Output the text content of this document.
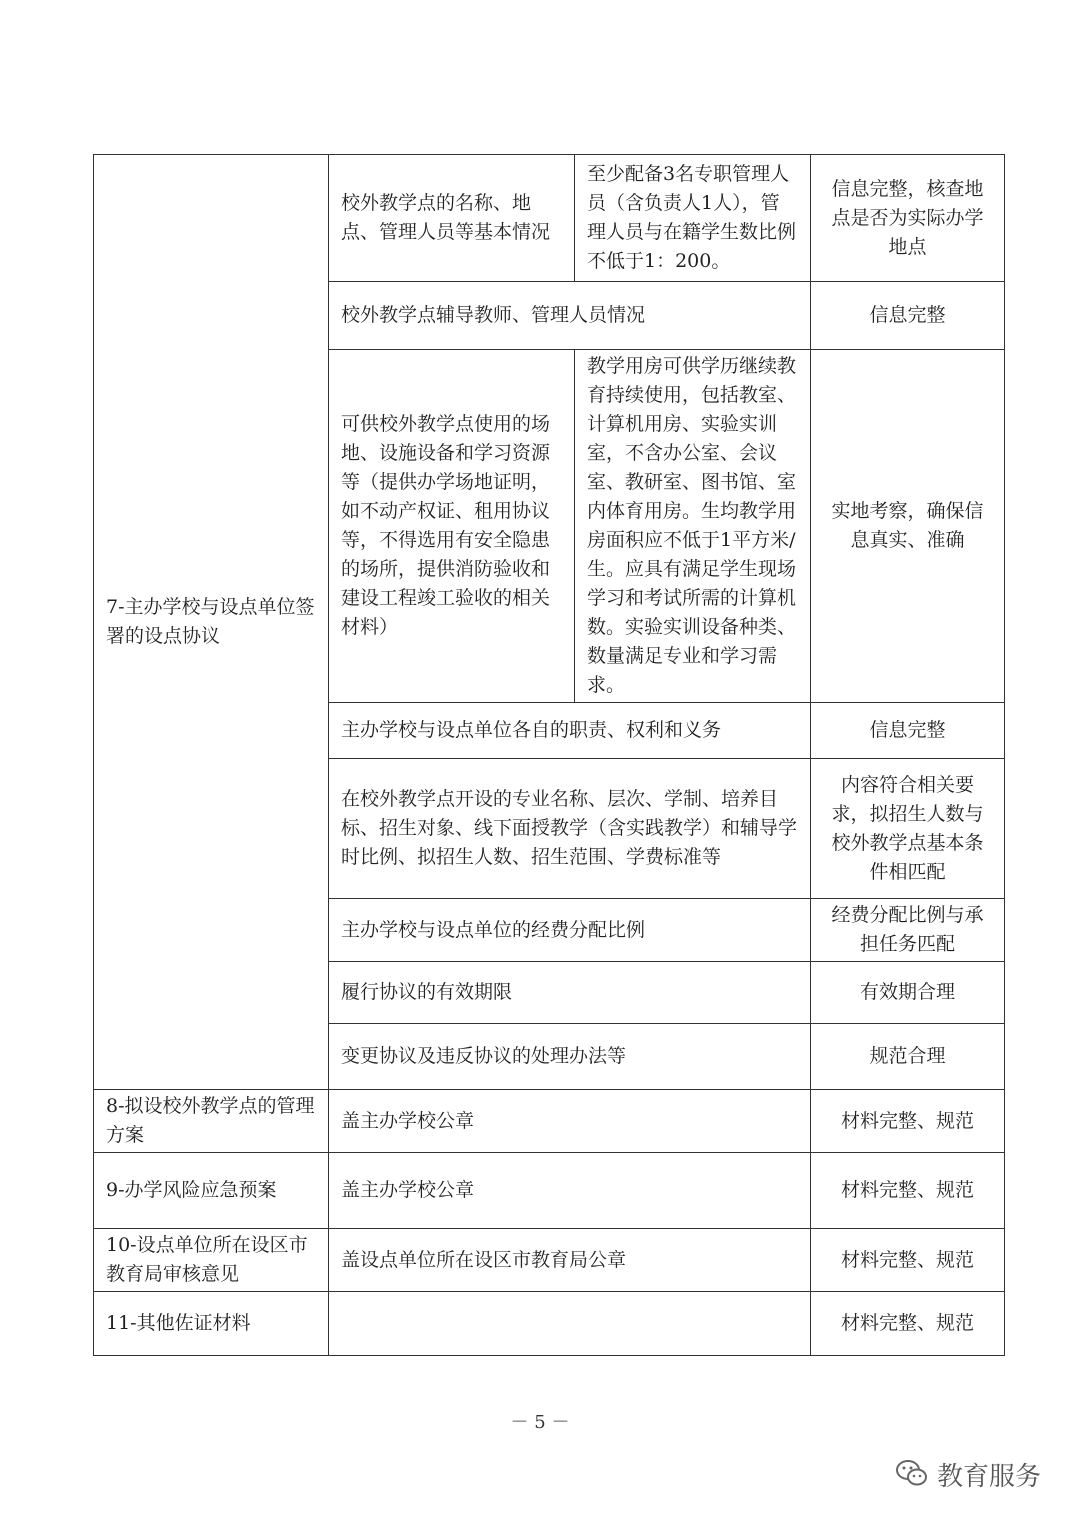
7-主办学校与设点单位签署的设点协议	校外教学点的名称、地点、管理人员等基本情况	至少配备3名专职管理人员（含负责人1人），管理人员与在籍学生数比例不低于1：200。	信息完整，核查地点是否为实际办学地点
	校外教学点辅导教师、管理人员情况		信息完整
	可供校外教学点使用的场地、设施设备和学习资源等（提供办学场地证明，如不动产权证、租用协议等，不得选用有安全隐患的场所，提供消防验收和建设工程竣工验收的相关材料）	教学用房可供学历继续教育持续使用，包括教室、计算机用房、实验实训室，不含办公室、会议室、教研室、图书馆、室内体育用房。生均教学用房面积应不低于1平方米/生。应具有满足学生现场学习和考试所需的计算机数。实验实训设备种类、数量满足专业和学习需求。	实地考察，确保信息真实、准确
	主办学校与设点单位各自的职责、权利和义务		信息完整
	在校外教学点开设的专业名称、层次、学制、培养目标、招生对象、线下面授教学（含实践教学）和辅导学时比例、拟招生人数、招生范围、学费标准等		内容符合相关要求，拟招生人数与校外教学点基本条件相匹配
	主办学校与设点单位的经费分配比例		经费分配比例与承担任务匹配
	履行协议的有效期限		有效期合理
	变更协议及违反协议的处理办法等		规范合理
8-拟设校外教学点的管理方案	盖主办学校公章		材料完整、规范
9-办学风险应急预案	盖主办学校公章		材料完整、规范
10-设点单位所在设区市教育局审核意见	盖设点单位所在设区市教育局公章		材料完整、规范
11-其他佐证材料			材料完整、规范
－ 5 －
教育服务
